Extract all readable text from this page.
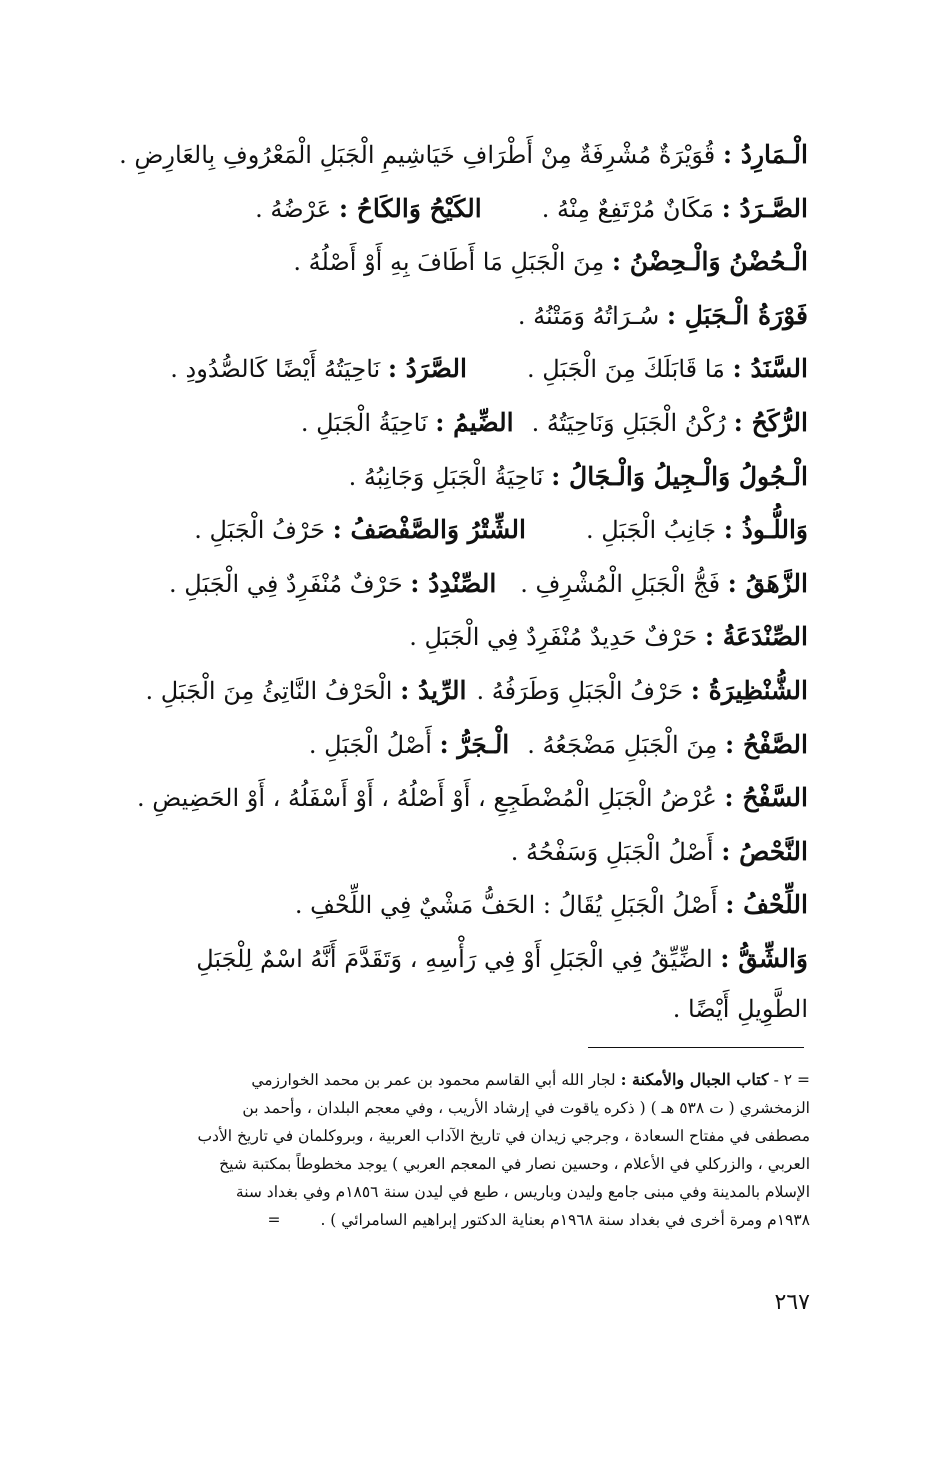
الْـمَارِدُ : قُوَيْرَةٌ مُشْرِفَةٌ مِنْ أَطْرَافِ خَيَاشِيمِ الْجَبَلِ الْمَعْرُوفِ بِالعَارِضِ .
الصَّـرَدُ : مَكَانٌ مُرْتَفِعٌ مِنْهُ .الكَيْحُ وَالكَاحُ : عَرْضُهُ .
الْـحُضْنُ وَالْـحِضْنُ : مِنَ الْجَبَلِ مَا أَطَافَ بِهِ أَوْ أَصْلُهُ .
فَوْرَةُ الْـجَبَلِ : سُـرَاتُهُ وَمَتْنُهُ .
السَّنَدُ : مَا قَابَلَكَ مِنَ الْجَبَلِ .الصَّرَدُ : نَاحِيَتُهُ أَيْضًا كَالصُّدُودِ .
الرُّكَحُ : رُكْنُ الْجَبَلِ وَنَاحِيَتُهُ .الضِّيمُ : نَاحِيَةُ الْجَبَلِ .
الْـجُولُ وَالْـجِيلُ وَالْـجَالُ : نَاحِيَةُ الْجَبَلِ وَجَانِبُهُ .
وَاللُّـوذُ : جَانِبُ الْجَبَلِ .الشِّتْرُ وَالصَّفْصَفُ : حَرْفُ الْجَبَلِ .
الزَّهَقُ : فَجُّ الْجَبَلِ الْمُشْرِفِ .الصِّنْدِدُ : حَرْفٌ مُنْفَرِدٌ فِي الْجَبَلِ .
الصِّنْدَعَةُ : حَرْفٌ حَدِيدٌ مُنْفَرِدٌ فِي الْجَبَلِ .
الشُّنْظِيرَةُ : حَرْفُ الْجَبَلِ وَطَرَفُهُ .الرِّيدُ : الْحَرْفُ النَّاتِئُ مِنَ الْجَبَلِ .
الصَّفْحُ : مِنَ الْجَبَلِ مَضْجَعُهُ .الْـجَرُّ : أَصْلُ الْجَبَلِ .
السَّفْحُ : عُرْضُ الْجَبَلِ الْمُضْطَجِعِ ، أَوْ أَصْلُهُ ، أَوْ أَسْفَلُهُ ، أَوْ الحَضِيضِ .
النَّحْصُ : أَصْلُ الْجَبَلِ وَسَفْحُهُ .
اللِّحْفُ : أَصْلُ الْجَبَلِ يُقَالُ : الحَفُّ مَشْيٌ فِي اللِّحْفِ .
وَالشِّقُّ : الضِّيِّقُ فِي الْجَبَلِ أَوْ فِي رَأْسِهِ ، وَتَقَدَّمَ أَنَّهُ اسْمٌ لِلْجَبَلِ
الطَّوِيلِ أَيْضًا .
= ٢ - كتاب الجبال والأمكنة : لجار الله أبي القاسم محمود بن عمر بن محمد الخوارزمي
الزمخشري ( ت ٥٣٨ هـ ) ( ذكره ياقوت في إرشاد الأريب ، وفي معجم البلدان ، وأحمد بن
مصطفى في مفتاح السعادة ، وجرجي زيدان في تاريخ الآداب العربية ، وبروكلمان في تاريخ الأدب
العربي ، والزركلي في الأعلام ، وحسين نصار في المعجم العربي ) يوجد مخطوطاً بمكتبة شيخ
الإسلام بالمدينة وفي مبنى جامع وليدن وباريس ، طبع في ليدن سنة ١٨٥٦م وفي بغداد سنة
١٩٣٨م ومرة أخرى في بغداد سنة ١٩٦٨م بعناية الدكتور إبراهيم السامرائي ) .=
٢٦٧
